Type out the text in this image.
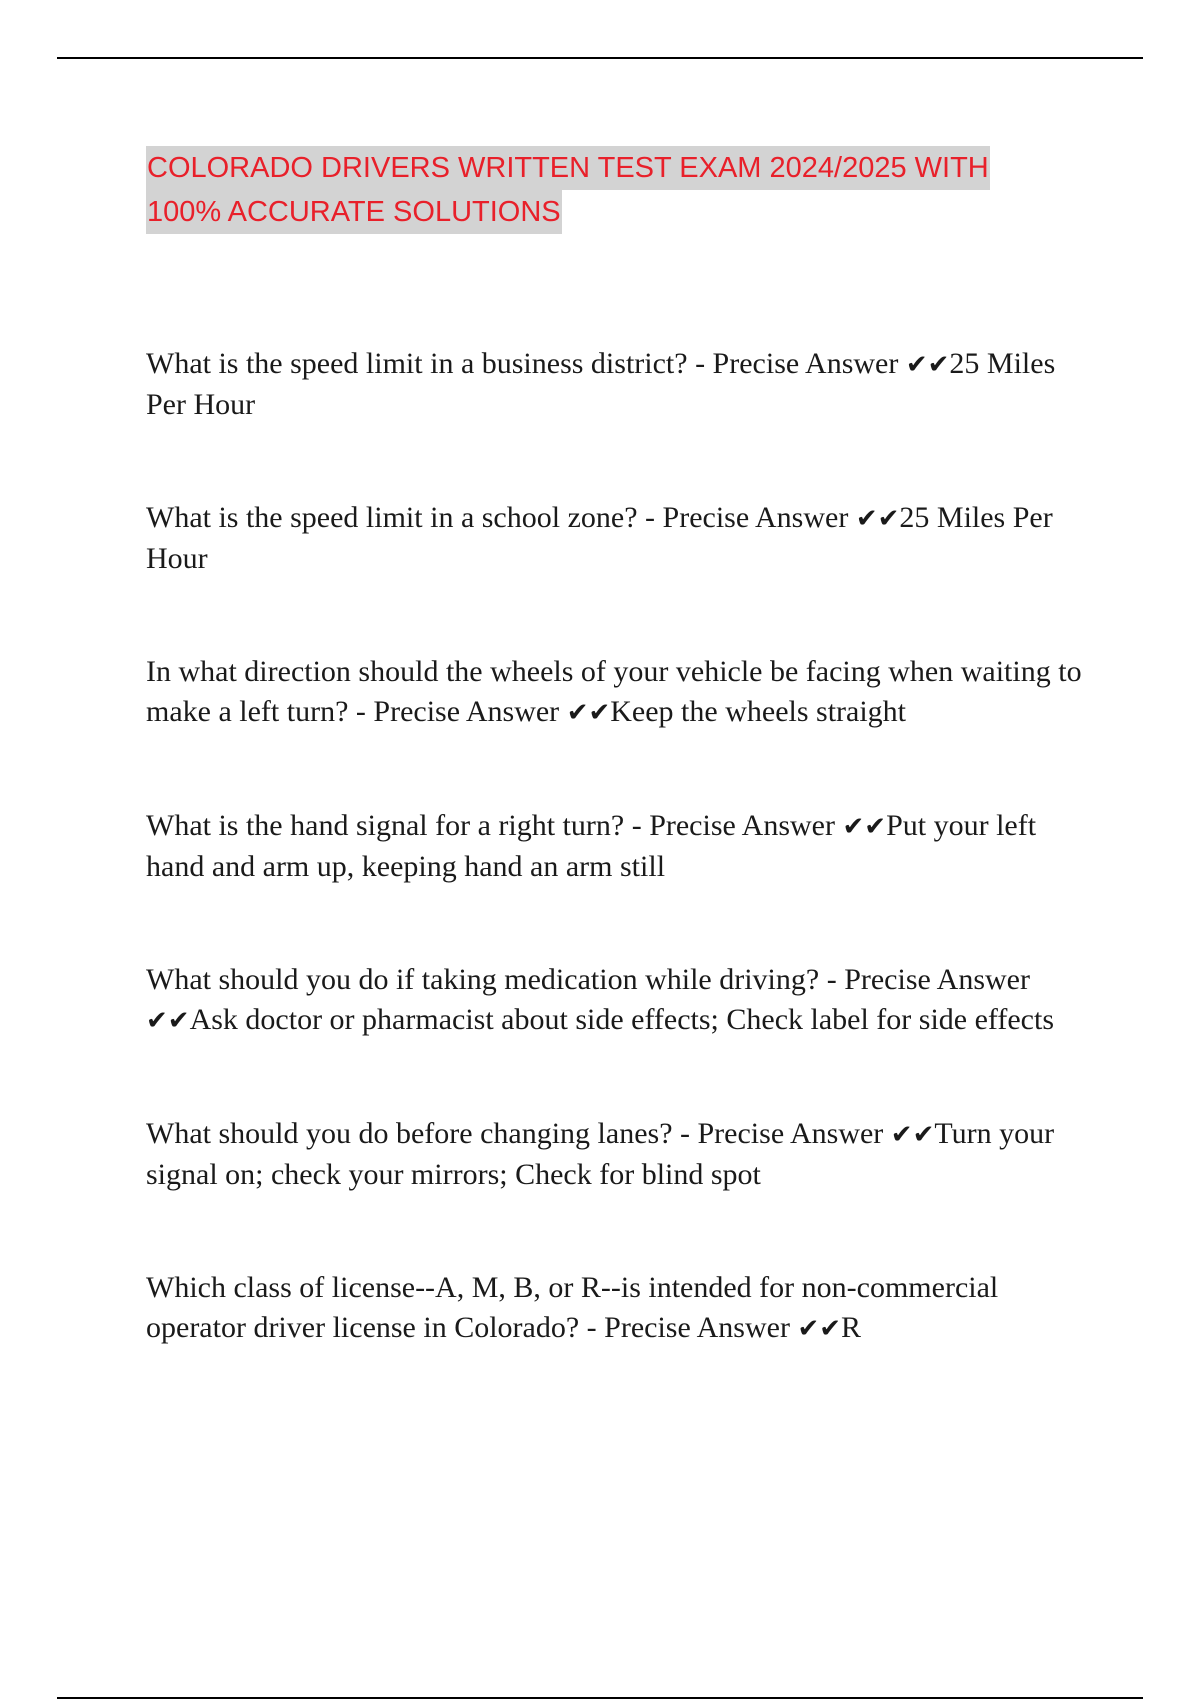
COLORADO DRIVERS WRITTEN TEST EXAM 2024/2025 WITH
100% ACCURATE SOLUTIONS

What is the speed limit in a business district? - Precise Answer ✔✔25 Miles Per Hour

What is the speed limit in a school zone? - Precise Answer ✔✔25 Miles Per Hour

In what direction should the wheels of your vehicle be facing when waiting to make a left turn? - Precise Answer ✔✔Keep the wheels straight

What is the hand signal for a right turn? - Precise Answer ✔✔Put your left hand and arm up, keeping hand an arm still

What should you do if taking medication while driving? - Precise Answer ✔✔Ask doctor or pharmacist about side effects; Check label for side effects

What should you do before changing lanes? - Precise Answer ✔✔Turn your signal on; check your mirrors; Check for blind spot

Which class of license--A, M, B, or R--is intended for non-commercial operator driver license in Colorado? - Precise Answer ✔✔R
